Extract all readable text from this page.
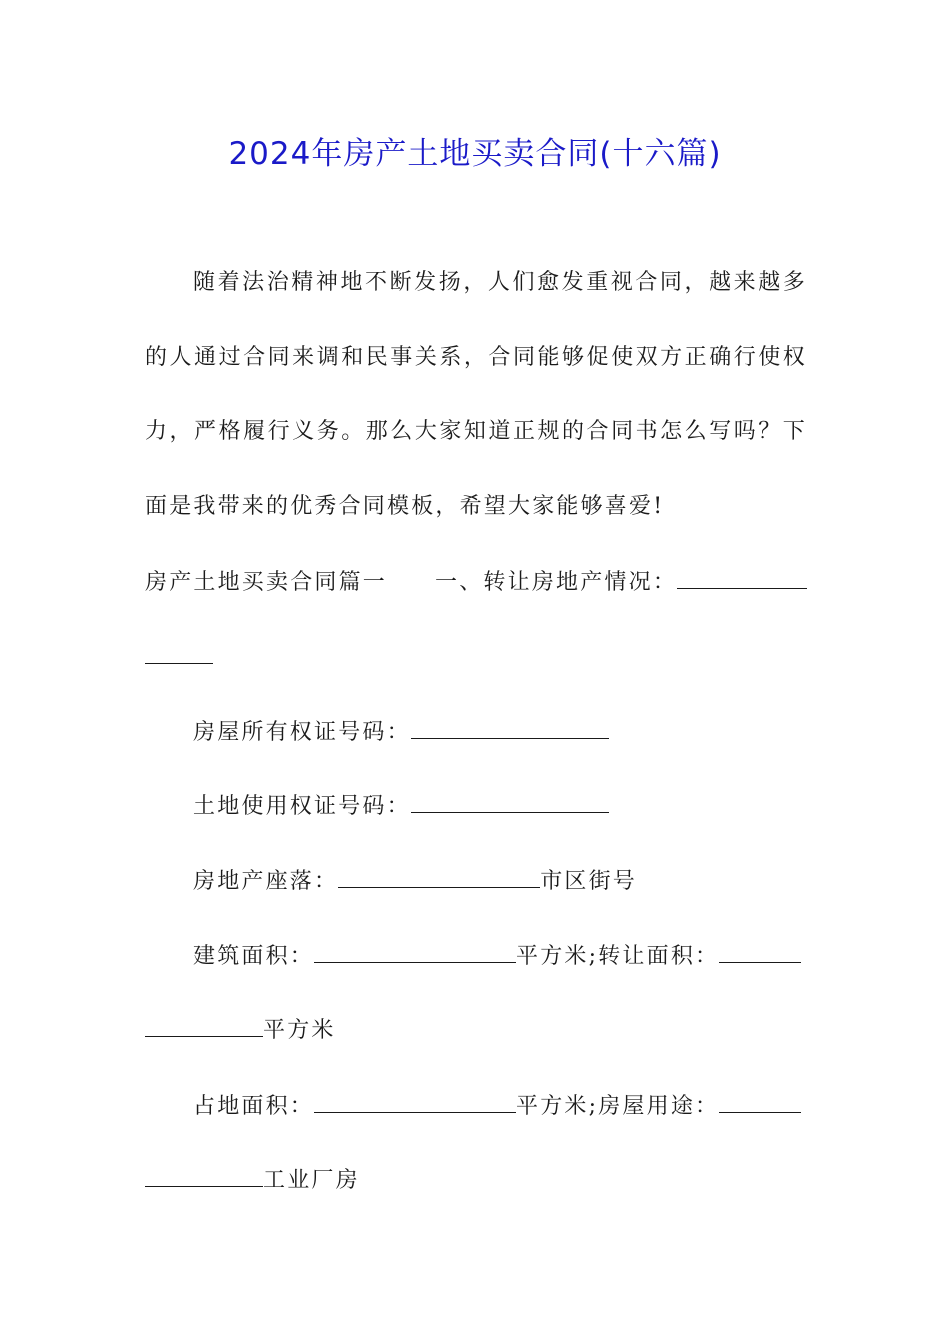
2024年房产土地买卖合同(十六篇)

随着法治精神地不断发扬，人们愈发重视合同，越来越多的人通过合同来调和民事关系，合同能够促使双方正确行使权力，严格履行义务。那么大家知道正规的合同书怎么写吗？下面是我带来的优秀合同模板，希望大家能够喜爱!

房产土地买卖合同篇一 一、转让房地产情况：
房屋所有权证号码：
土地使用权证号码：
房地产座落：	市区街号
建筑面积：	平方米;转让面积：
平方米
占地面积：	平方米;房屋用途：
工业厂房
